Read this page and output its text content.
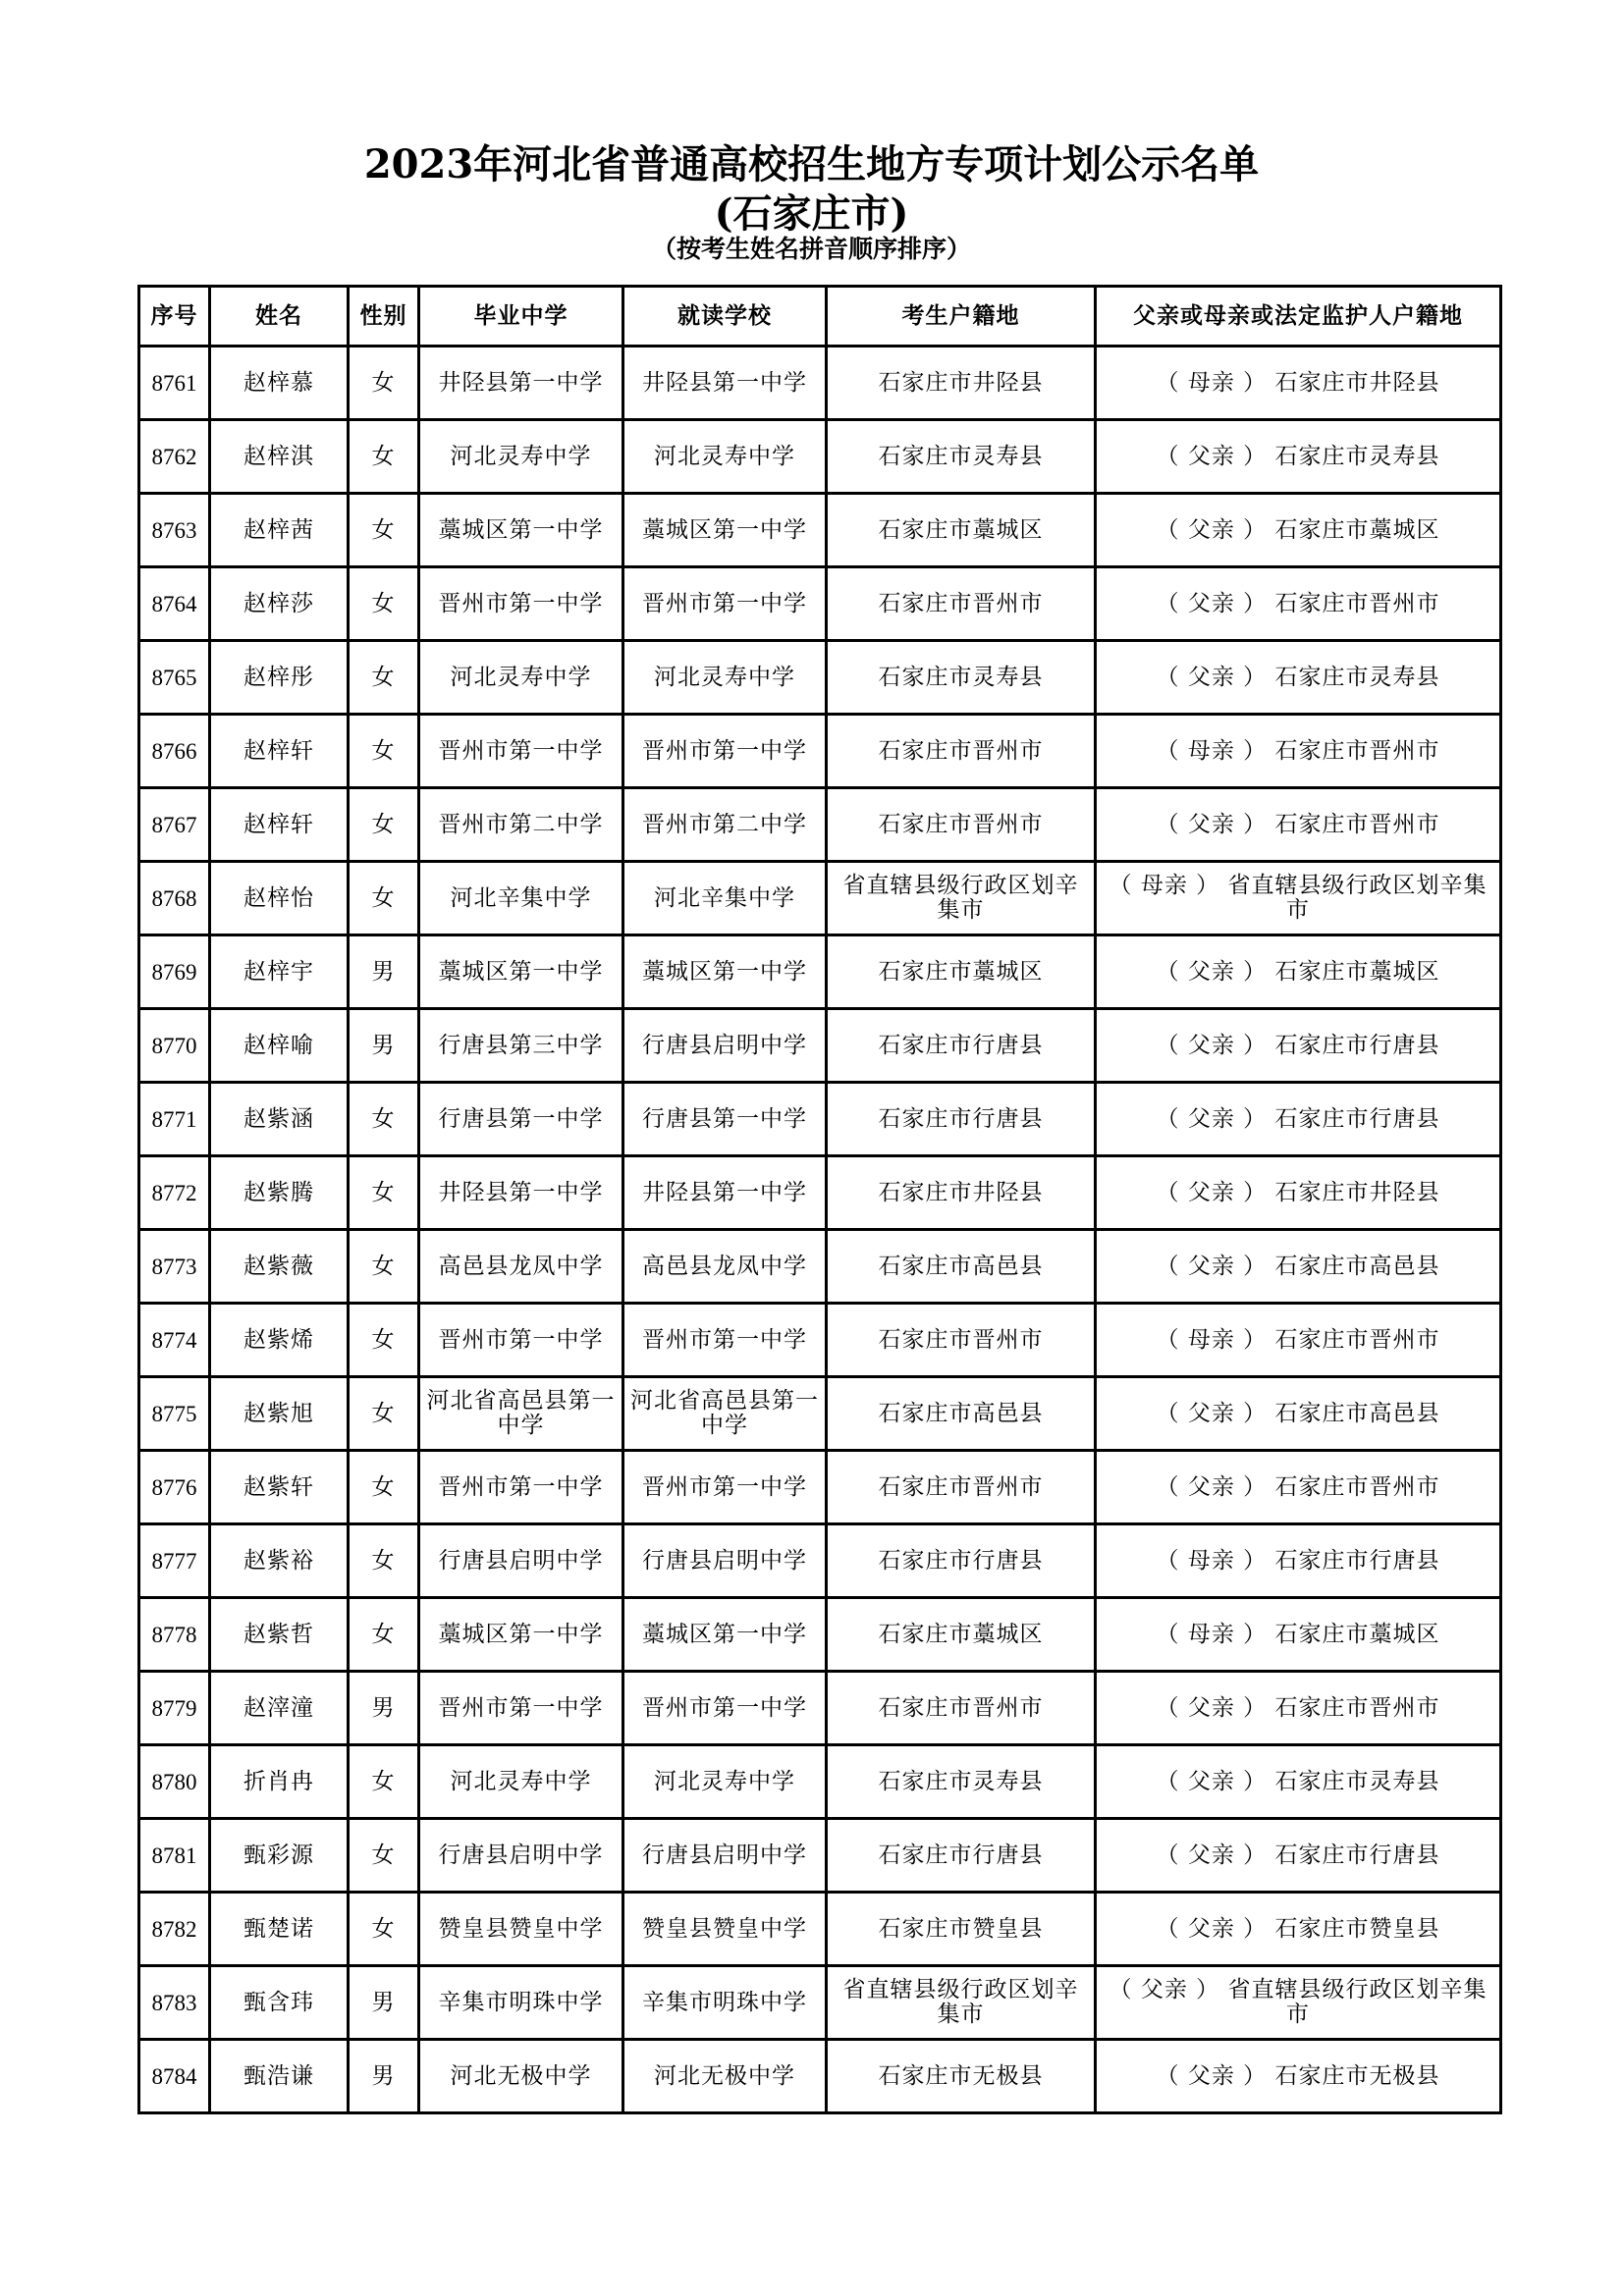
2023年河北省普通高校招生地方专项计划公示名单
(石家庄市)
（按考生姓名拼音顺序排序）
序号	姓名	性别	毕业中学	就读学校	考生户籍地	父亲或母亲或法定监护人户籍地
8761	赵梓慕	女	井陉县第一中学	井陉县第一中学	石家庄市井陉县	（ 母亲 ） 石家庄市井陉县
8762	赵梓淇	女	河北灵寿中学	河北灵寿中学	石家庄市灵寿县	（ 父亲 ） 石家庄市灵寿县
8763	赵梓茜	女	藁城区第一中学	藁城区第一中学	石家庄市藁城区	（ 父亲 ） 石家庄市藁城区
8764	赵梓莎	女	晋州市第一中学	晋州市第一中学	石家庄市晋州市	（ 父亲 ） 石家庄市晋州市
8765	赵梓彤	女	河北灵寿中学	河北灵寿中学	石家庄市灵寿县	（ 父亲 ） 石家庄市灵寿县
8766	赵梓轩	女	晋州市第一中学	晋州市第一中学	石家庄市晋州市	（ 母亲 ） 石家庄市晋州市
8767	赵梓轩	女	晋州市第二中学	晋州市第二中学	石家庄市晋州市	（ 父亲 ） 石家庄市晋州市
8768	赵梓怡	女	河北辛集中学	河北辛集中学	省直辖县级行政区划辛集市	（ 母亲 ） 省直辖县级行政区划辛集市
8769	赵梓宇	男	藁城区第一中学	藁城区第一中学	石家庄市藁城区	（ 父亲 ） 石家庄市藁城区
8770	赵梓喻	男	行唐县第三中学	行唐县启明中学	石家庄市行唐县	（ 父亲 ） 石家庄市行唐县
8771	赵紫涵	女	行唐县第一中学	行唐县第一中学	石家庄市行唐县	（ 父亲 ） 石家庄市行唐县
8772	赵紫腾	女	井陉县第一中学	井陉县第一中学	石家庄市井陉县	（ 父亲 ） 石家庄市井陉县
8773	赵紫薇	女	高邑县龙凤中学	高邑县龙凤中学	石家庄市高邑县	（ 父亲 ） 石家庄市高邑县
8774	赵紫烯	女	晋州市第一中学	晋州市第一中学	石家庄市晋州市	（ 母亲 ） 石家庄市晋州市
8775	赵紫旭	女	河北省高邑县第一中学	河北省高邑县第一中学	石家庄市高邑县	（ 父亲 ） 石家庄市高邑县
8776	赵紫轩	女	晋州市第一中学	晋州市第一中学	石家庄市晋州市	（ 父亲 ） 石家庄市晋州市
8777	赵紫裕	女	行唐县启明中学	行唐县启明中学	石家庄市行唐县	（ 母亲 ） 石家庄市行唐县
8778	赵紫哲	女	藁城区第一中学	藁城区第一中学	石家庄市藁城区	（ 母亲 ） 石家庄市藁城区
8779	赵滓潼	男	晋州市第一中学	晋州市第一中学	石家庄市晋州市	（ 父亲 ） 石家庄市晋州市
8780	折肖冉	女	河北灵寿中学	河北灵寿中学	石家庄市灵寿县	（ 父亲 ） 石家庄市灵寿县
8781	甄彩源	女	行唐县启明中学	行唐县启明中学	石家庄市行唐县	（ 父亲 ） 石家庄市行唐县
8782	甄楚诺	女	赞皇县赞皇中学	赞皇县赞皇中学	石家庄市赞皇县	（ 父亲 ） 石家庄市赞皇县
8783	甄含玮	男	辛集市明珠中学	辛集市明珠中学	省直辖县级行政区划辛集市	（ 父亲 ） 省直辖县级行政区划辛集市
8784	甄浩谦	男	河北无极中学	河北无极中学	石家庄市无极县	（ 父亲 ） 石家庄市无极县
